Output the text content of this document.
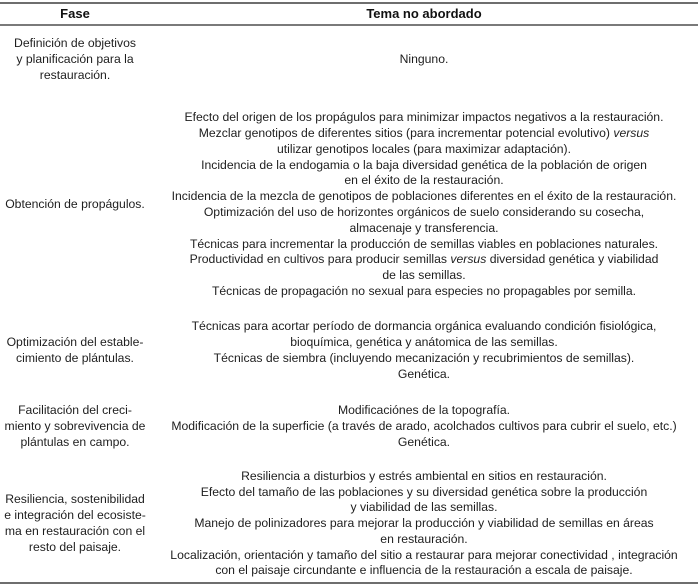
Fase	Tema no abordado
Definición de objetivos
y planificación para la
restauración.
Ninguno.
Obtención de propágulos.
Efecto del origen de los propágulos para minimizar impactos negativos a la restauración.
Mezclar genotipos de diferentes sitios (para incrementar potencial evolutivo) versus
utilizar genotipos locales (para maximizar adaptación).
Incidencia de la endogamia o la baja diversidad genética de la población de origen
en el éxito de la restauración.
Incidencia de la mezcla de genotipos de poblaciones diferentes en el éxito de la restauración.
Optimización del uso de horizontes orgánicos de suelo considerando su cosecha,
almacenaje y transferencia.
Técnicas para incrementar la producción de semillas viables en poblaciones naturales.
Productividad en cultivos para producir semillas versus diversidad genética y viabilidad
de las semillas.
Técnicas de propagación no sexual para especies no propagables por semilla.
Optimización del estable-
cimiento de plántulas.
Técnicas para acortar período de dormancia orgánica evaluando condición fisiológica,
bioquímica, genética y anátomica de las semillas.
Técnicas de siembra (incluyendo mecanización y recubrimientos de semillas).
Genética.
Facilitación del creci-
miento y sobrevivencia de
plántulas en campo.
Modificaciónes de la topografía.
Modificación de la superficie (a través de arado, acolchados cultivos para cubrir el suelo, etc.)
Genética.
Resiliencia, sostenibilidad
e integración del ecosiste-
ma en restauración con el
resto del paisaje.
Resiliencia a disturbios y estrés ambiental en sitios en restauración.
Efecto del tamaño de las poblaciones y su diversidad genética sobre la producción
y viabilidad de las semillas.
Manejo de polinizadores para mejorar la producción y viabilidad de semillas en áreas
en restauración.
Localización, orientación y tamaño del sitio a restaurar para mejorar conectividad , integración
con el paisaje circundante e influencia de la restauración a escala de paisaje.
